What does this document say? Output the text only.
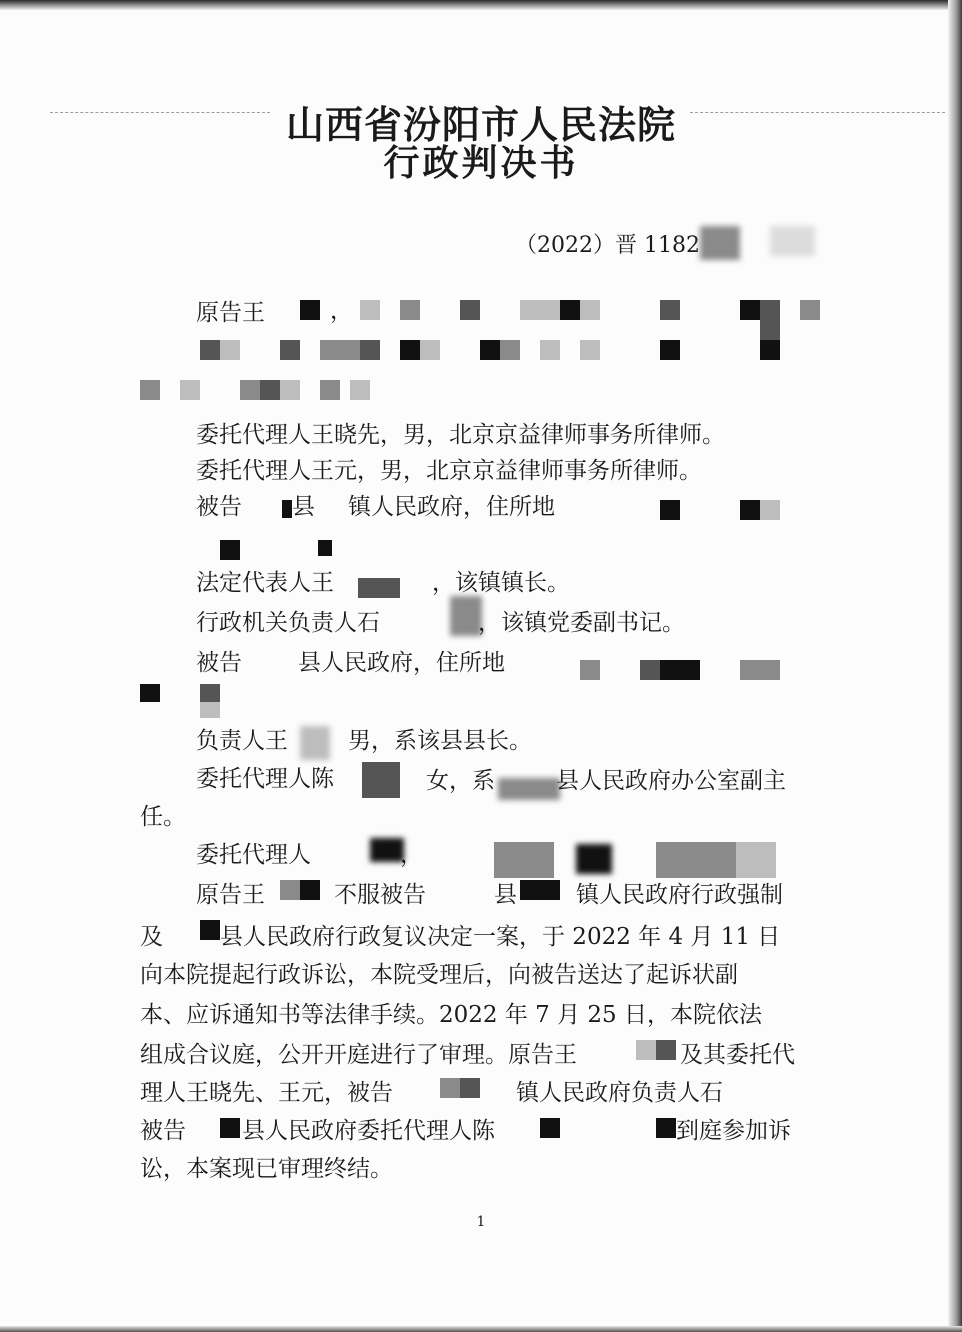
山西省汾阳市人民法院
行政判决书
（2022）晋 1182
原告王	，
委托代理人王晓先，男，北京京益律师事务所律师。
委托代理人王元，男，北京京益律师事务所律师。
被告 县 镇人民政府，住所地
法定代表人王	，该镇镇长。
行政机关负责人石	，该镇党委副书记。
被告 县人民政府，住所地
负责人王	男，系该县县长。
委托代理人陈	女，系	县人民政府办公室副主
任。
委托代理人	，
原告王	不服被告	县	镇人民政府行政强制
及 县人民政府行政复议决定一案，于 2022 年 4 月 11 日
向本院提起行政诉讼，本院受理后，向被告送达了起诉状副
本、应诉通知书等法律手续。2022 年 7 月 25 日，本院依法
组成合议庭，公开开庭进行了审理。原告王	及其委托代
理人王晓先、王元，被告	镇人民政府负责人石
被告 县人民政府委托代理人陈	到庭参加诉
讼，本案现已审理终结。
1
